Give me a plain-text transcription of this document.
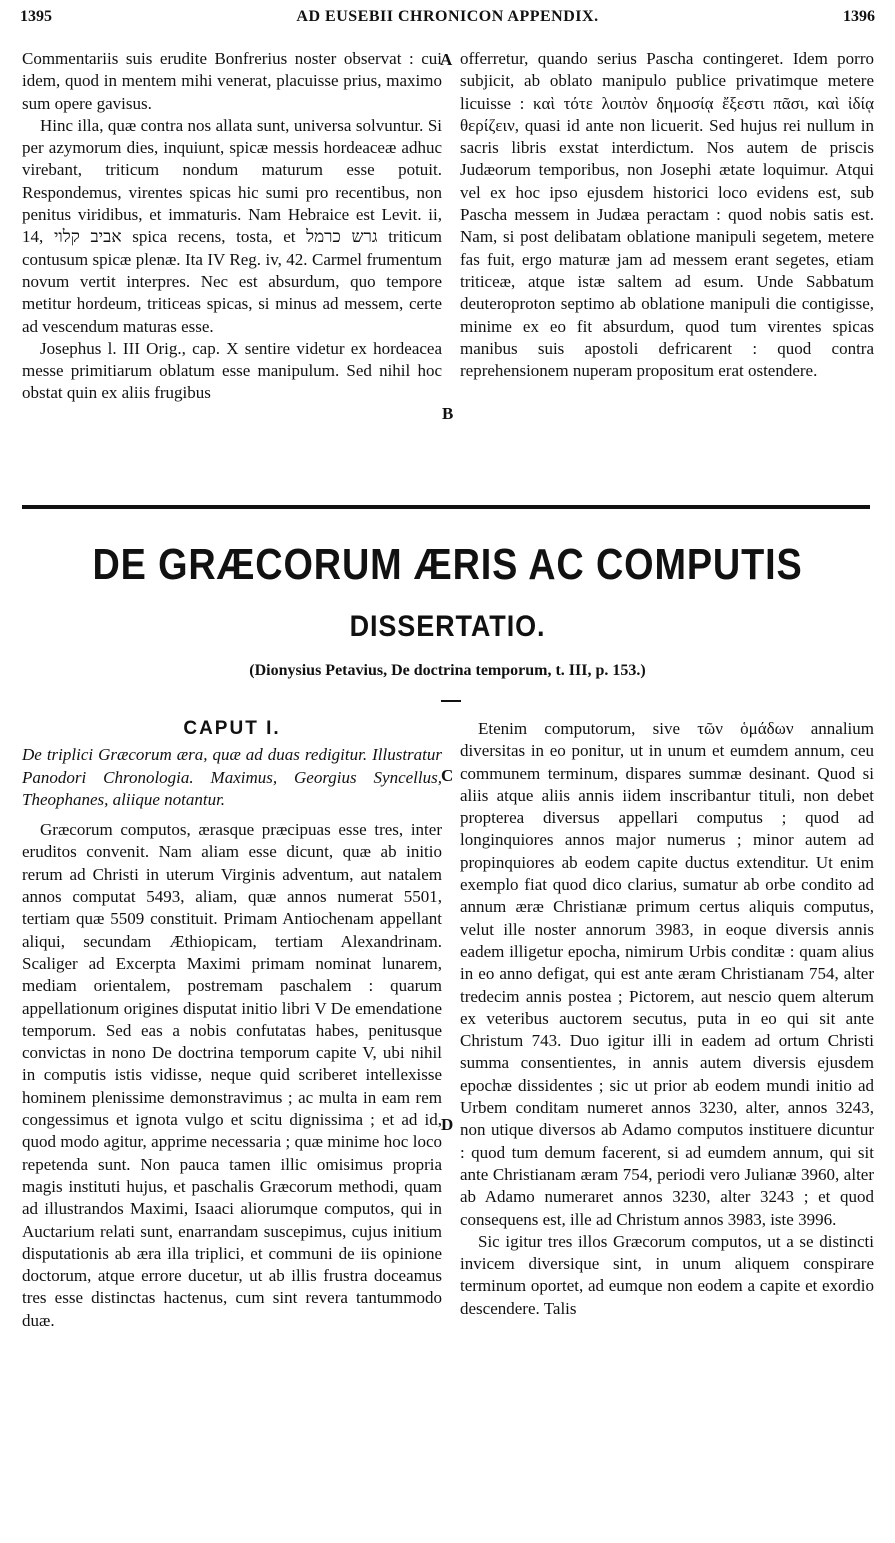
1395	AD EUSEBII CHRONICON APPENDIX.	1396

Commentariis suis erudite Bonfrerius noster observat : cui idem, quod in mentem mihi venerat, placuisse prius, maximo sum opere gavisus.

Hinc illa, quæ contra nos allata sunt, universa solvuntur. Si per azymorum dies, inquiunt, spicæ messis hordeaceæ adhuc virebant, triticum nondum maturum esse potuit. Respondemus, virentes spicas hic sumi pro recentibus, non penitus viridibus, et immaturis. Nam Hebraice est Levit. ii, 14, אביב קלוי spica recens, tosta, et גרש כרמל triticum contusum spicæ plenæ. Ita IV Reg. iv, 42. Carmel frumentum novum vertit interpres. Nec est absurdum, quo tempore metitur hordeum, triticeas spicas, si minus ad messem, certe ad vescendum maturas esse.

Josephus l. III Orig., cap. X sentire videtur ex hordeacea messe primitiarum oblatum esse manipulum. Sed nihil hoc obstat quin ex aliis frugibus

A
B

offerretur, quando serius Pascha contingeret. Idem porro subjicit, ab oblato manipulo publice privatimque metere licuisse : καὶ τότε λοιπὸν δημοσίᾳ ἔξεστι πᾶσι, καὶ ἰδίᾳ θερίζειν, quasi id ante non licuerit. Sed hujus rei nullum in sacris libris exstat interdictum. Nos autem de priscis Judæorum temporibus, non Josephi ætate loquimur. Atqui vel ex hoc ipso ejusdem historici loco evidens est, sub Pascha messem in Judæa peractam : quod nobis satis est. Nam, si post delibatam oblatione manipuli segetem, metere fas fuit, ergo maturæ jam ad messem erant segetes, etiam triticeæ, atque istæ saltem ad esum. Unde Sabbatum deuteroproton septimo ab oblatione manipuli die contigisse, minime ex eo fit absurdum, quod tum virentes spicas manibus suis apostoli defricarent : quod contra reprehensionem nuperam propositum erat ostendere.

DE GRÆCORUM ÆRIS AC COMPUTIS
DISSERTATIO.
(Dionysius Petavius, De doctrina temporum, t. III, p. 153.)

CAPUT I.

De triplici Græcorum æra, quæ ad duas redigitur. Illustratur Panodori Chronologia. Maximus, Georgius Syncellus, Theophanes, aliique notantur.

Græcorum computos, ærasque præcipuas esse tres, inter eruditos convenit. Nam aliam esse dicunt, quæ ab initio rerum ad Christi in uterum Virginis adventum, aut natalem annos computat 5493, aliam, quæ annos numerat 5501, tertiam quæ 5509 constituit. Primam Antiochenam appellant aliqui, secundam Æthiopicam, tertiam Alexandrinam. Scaliger ad Excerpta Maximi primam nominat lunarem, mediam orientalem, postremam paschalem : quarum appellationum origines disputat initio libri V De emendatione temporum. Sed eas a nobis confutatas habes, penitusque convictas in nono De doctrina temporum capite V, ubi nihil in computis istis vidisse, neque quid scriberet intellexisse hominem plenissime demonstravimus ; ac multa in eam rem congessimus et ignota vulgo et scitu dignissima ; et ad id, quod modo agitur, apprime necessaria ; quæ minime hoc loco repetenda sunt. Non pauca tamen illic omisimus propria magis instituti hujus, et paschalis Græcorum methodi, quam ad illustrandos Maximi, Isaaci aliorumque computos, qui in Auctarium relati sunt, enarrandam suscepimus, cujus initium disputationis ab æra illa triplici, et communi de iis opinione doctorum, atque errore ducetur, ut ab illis frustra doceamus tres esse distinctas hactenus, cum sint revera tantummodo duæ.

C
D

Etenim computorum, sive τῶν ὁμάδων annalium diversitas in eo ponitur, ut in unum et eumdem annum, ceu communem terminum, dispares summæ desinant. Quod si aliis atque aliis annis iidem inscribantur tituli, non debet propterea diversus appellari computus ; quod ad longinquiores annos major numerus ; minor autem ad propinquiores ab eodem capite ductus extenditur. Ut enim exemplo fiat quod dico clarius, sumatur ab orbe condito ad annum æræ Christianæ primum certus aliquis computus, velut ille noster annorum 3983, in eoque diversis annis eadem illigetur epocha, nimirum Urbis conditæ : quam alius in eo anno defigat, qui est ante æram Christianam 754, alter tredecim annis postea ; Pictorem, aut nescio quem alterum ex veteribus auctorem secutus, puta in eo qui sit ante Christum 743. Duo igitur illi in eadem ad ortum Christi summa consentientes, in annis autem diversis ejusdem epochæ dissidentes ; sic ut prior ab eodem mundi initio ad Urbem conditam numeret annos 3230, alter, annos 3243, non utique diversos ab Adamo computos instituere dicuntur : quod tum demum facerent, si ad eumdem annum, qui sit ante Christianam æram 754, periodi vero Julianæ 3960, alter ab Adamo numeraret annos 3230, alter 3243 ; et quod consequens est, ille ad Christum annos 3983, iste 3996.

Sic igitur tres illos Græcorum computos, ut a se distincti invicem diversique sint, in unum aliquem conspirare terminum oportet, ad eumque non eodem a capite et exordio descendere. Talis
